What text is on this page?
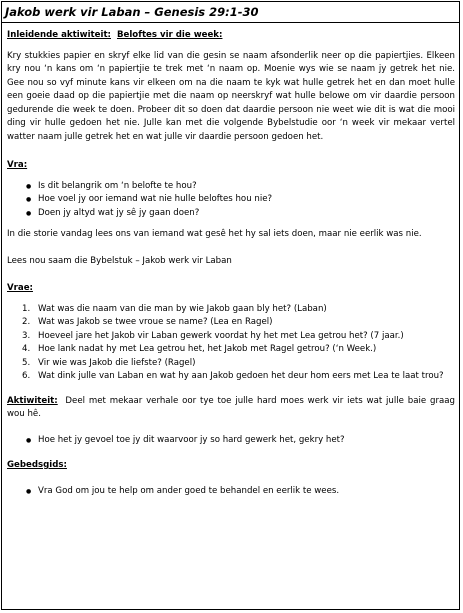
Jakob werk vir Laban – Genesis 29:1-30

Inleidende aktiwiteit: Beloftes vir die week:

Kry stukkies papier en skryf elke lid van die gesin se naam afsonderlik neer op die papiertjies. Elkeen kry nou ‘n kans om ‘n papiertjie te trek met ‘n naam op. Moenie wys wie se naam jy getrek het nie. Gee nou so vyf minute kans vir elkeen om na die naam te kyk wat hulle getrek het en dan moet hulle een goeie daad op die papiertjie met die naam op neerskryf wat hulle belowe om vir daardie persoon gedurende die week te doen. Probeer dit so doen dat daardie persoon nie weet wie dit is wat die mooi ding vir hulle gedoen het nie. Julle kan met die volgende Bybelstudie oor ‘n week vir mekaar vertel watter naam julle getrek het en wat julle vir daardie persoon gedoen het.

Vra:

● Is dit belangrik om ‘n belofte te hou?
● Hoe voel jy oor iemand wat nie hulle beloftes hou nie?
● Doen jy altyd wat jy sê jy gaan doen?

In die storie vandag lees ons van iemand wat gesê het hy sal iets doen, maar nie eerlik was nie.

Lees nou saam die Bybelstuk – Jakob werk vir Laban

Vrae:

1. Wat was die naam van die man by wie Jakob gaan bly het? (Laban)
2. Wat was Jakob se twee vroue se name? (Lea en Ragel)
3. Hoeveel jare het Jakob vir Laban gewerk voordat hy het met Lea getrou het? (7 jaar.)
4. Hoe lank nadat hy met Lea getrou het, het Jakob met Ragel getrou? (‘n Week.)
5. Vir wie was Jakob die liefste? (Ragel)
6. Wat dink julle van Laban en wat hy aan Jakob gedoen het deur hom eers met Lea te laat trou?

Aktiwiteit: Deel met mekaar verhale oor tye toe julle hard moes werk vir iets wat julle baie graag wou hê.

● Hoe het jy gevoel toe jy dit waarvoor jy so hard gewerk het, gekry het?

Gebedsgids:

● Vra God om jou te help om ander goed te behandel en eerlik te wees.
